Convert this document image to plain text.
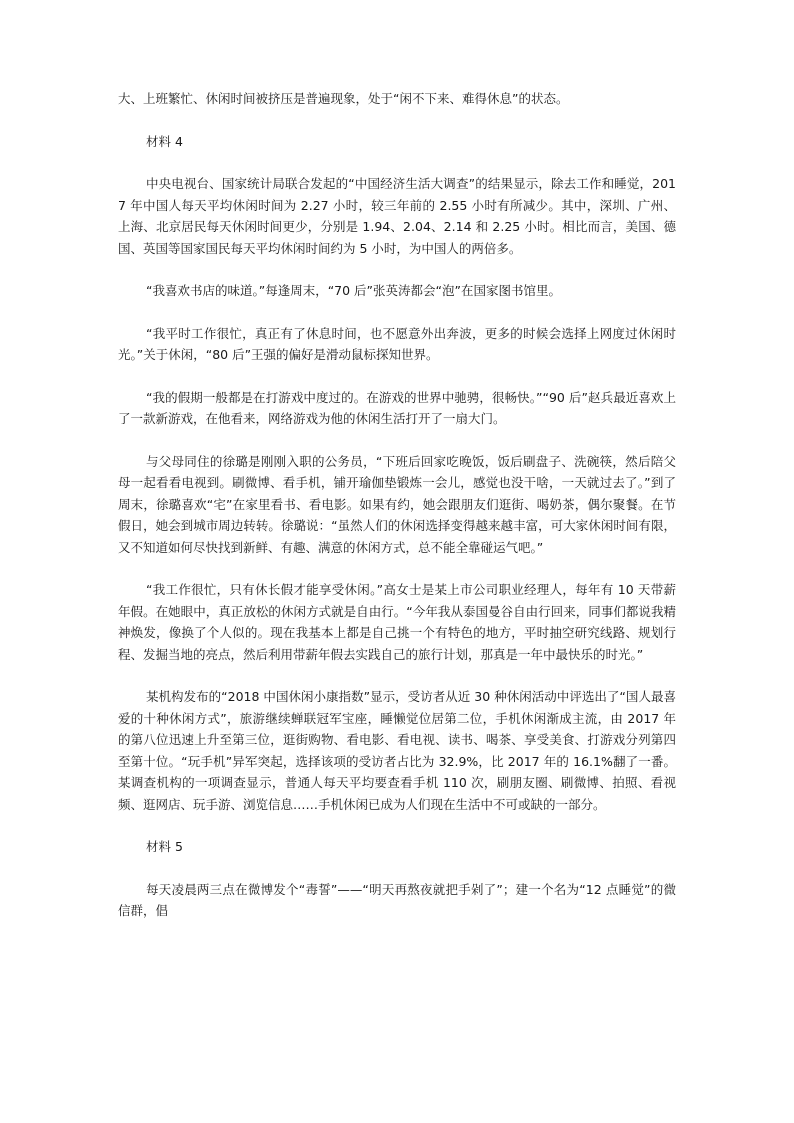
大、上班繁忙、休闲时间被挤压是普遍现象，处于“闲不下来、难得休息”的状态。

材料 4

中央电视台、国家统计局联合发起的“中国经济生活大调查”的结果显示，除去工作和睡觉，2017 年中国人每天平均休闲时间为 2.27 小时，较三年前的 2.55 小时有所减少。其中，深圳、广州、上海、北京居民每天休闲时间更少，分别是 1.94、2.04、2.14 和 2.25 小时。相比而言，美国、德国、英国等国家国民每天平均休闲时间约为 5 小时，为中国人的两倍多。

“我喜欢书店的味道。”每逢周末，“70 后”张英涛都会“泡”在国家图书馆里。

“我平时工作很忙，真正有了休息时间，也不愿意外出奔波，更多的时候会选择上网度过休闲时光。”关于休闲，“80 后”王强的偏好是滑动鼠标探知世界。

“我的假期一般都是在打游戏中度过的。在游戏的世界中驰骋，很畅快。”“90 后”赵兵最近喜欢上了一款新游戏，在他看来，网络游戏为他的休闲生活打开了一扇大门。

与父母同住的徐璐是刚刚入职的公务员，“下班后回家吃晚饭，饭后刷盘子、洗碗筷，然后陪父母一起看看电视到。刷微博、看手机，铺开瑜伽垫锻炼一会儿，感觉也没干啥，一天就过去了。”到了周末，徐璐喜欢“宅”在家里看书、看电影。如果有约，她会跟朋友们逛街、喝奶茶，偶尔聚餐。在节假日，她会到城市周边转转。徐璐说：“虽然人们的休闲选择变得越来越丰富，可大家休闲时间有限，又不知道如何尽快找到新鲜、有趣、满意的休闲方式，总不能全靠碰运气吧。”

“我工作很忙，只有休长假才能享受休闲。”高女士是某上市公司职业经理人，每年有 10 天带薪年假。在她眼中，真正放松的休闲方式就是自由行。“今年我从泰国曼谷自由行回来，同事们都说我精神焕发，像换了个人似的。现在我基本上都是自己挑一个有特色的地方，平时抽空研究线路、规划行程、发掘当地的亮点，然后利用带薪年假去实践自己的旅行计划，那真是一年中最快乐的时光。”

某机构发布的“2018 中国休闲小康指数”显示，受访者从近 30 种休闲活动中评选出了“国人最喜爱的十种休闲方式”，旅游继续蝉联冠军宝座，睡懒觉位居第二位，手机休闲渐成主流，由 2017 年的第八位迅速上升至第三位，逛街购物、看电影、看电视、读书、喝茶、享受美食、打游戏分列第四至第十位。“玩手机”异军突起，选择该项的受访者占比为 32.9%，比 2017 年的 16.1%翻了一番。某调查机构的一项调查显示，普通人每天平均要查看手机 110 次，刷朋友圈、刷微博、拍照、看视频、逛网店、玩手游、浏览信息……手机休闲已成为人们现在生活中不可或缺的一部分。

材料 5

每天凌晨两三点在微博发个“毒誓”——“明天再熬夜就把手剁了”；建一个名为“12 点睡觉”的微信群，倡
